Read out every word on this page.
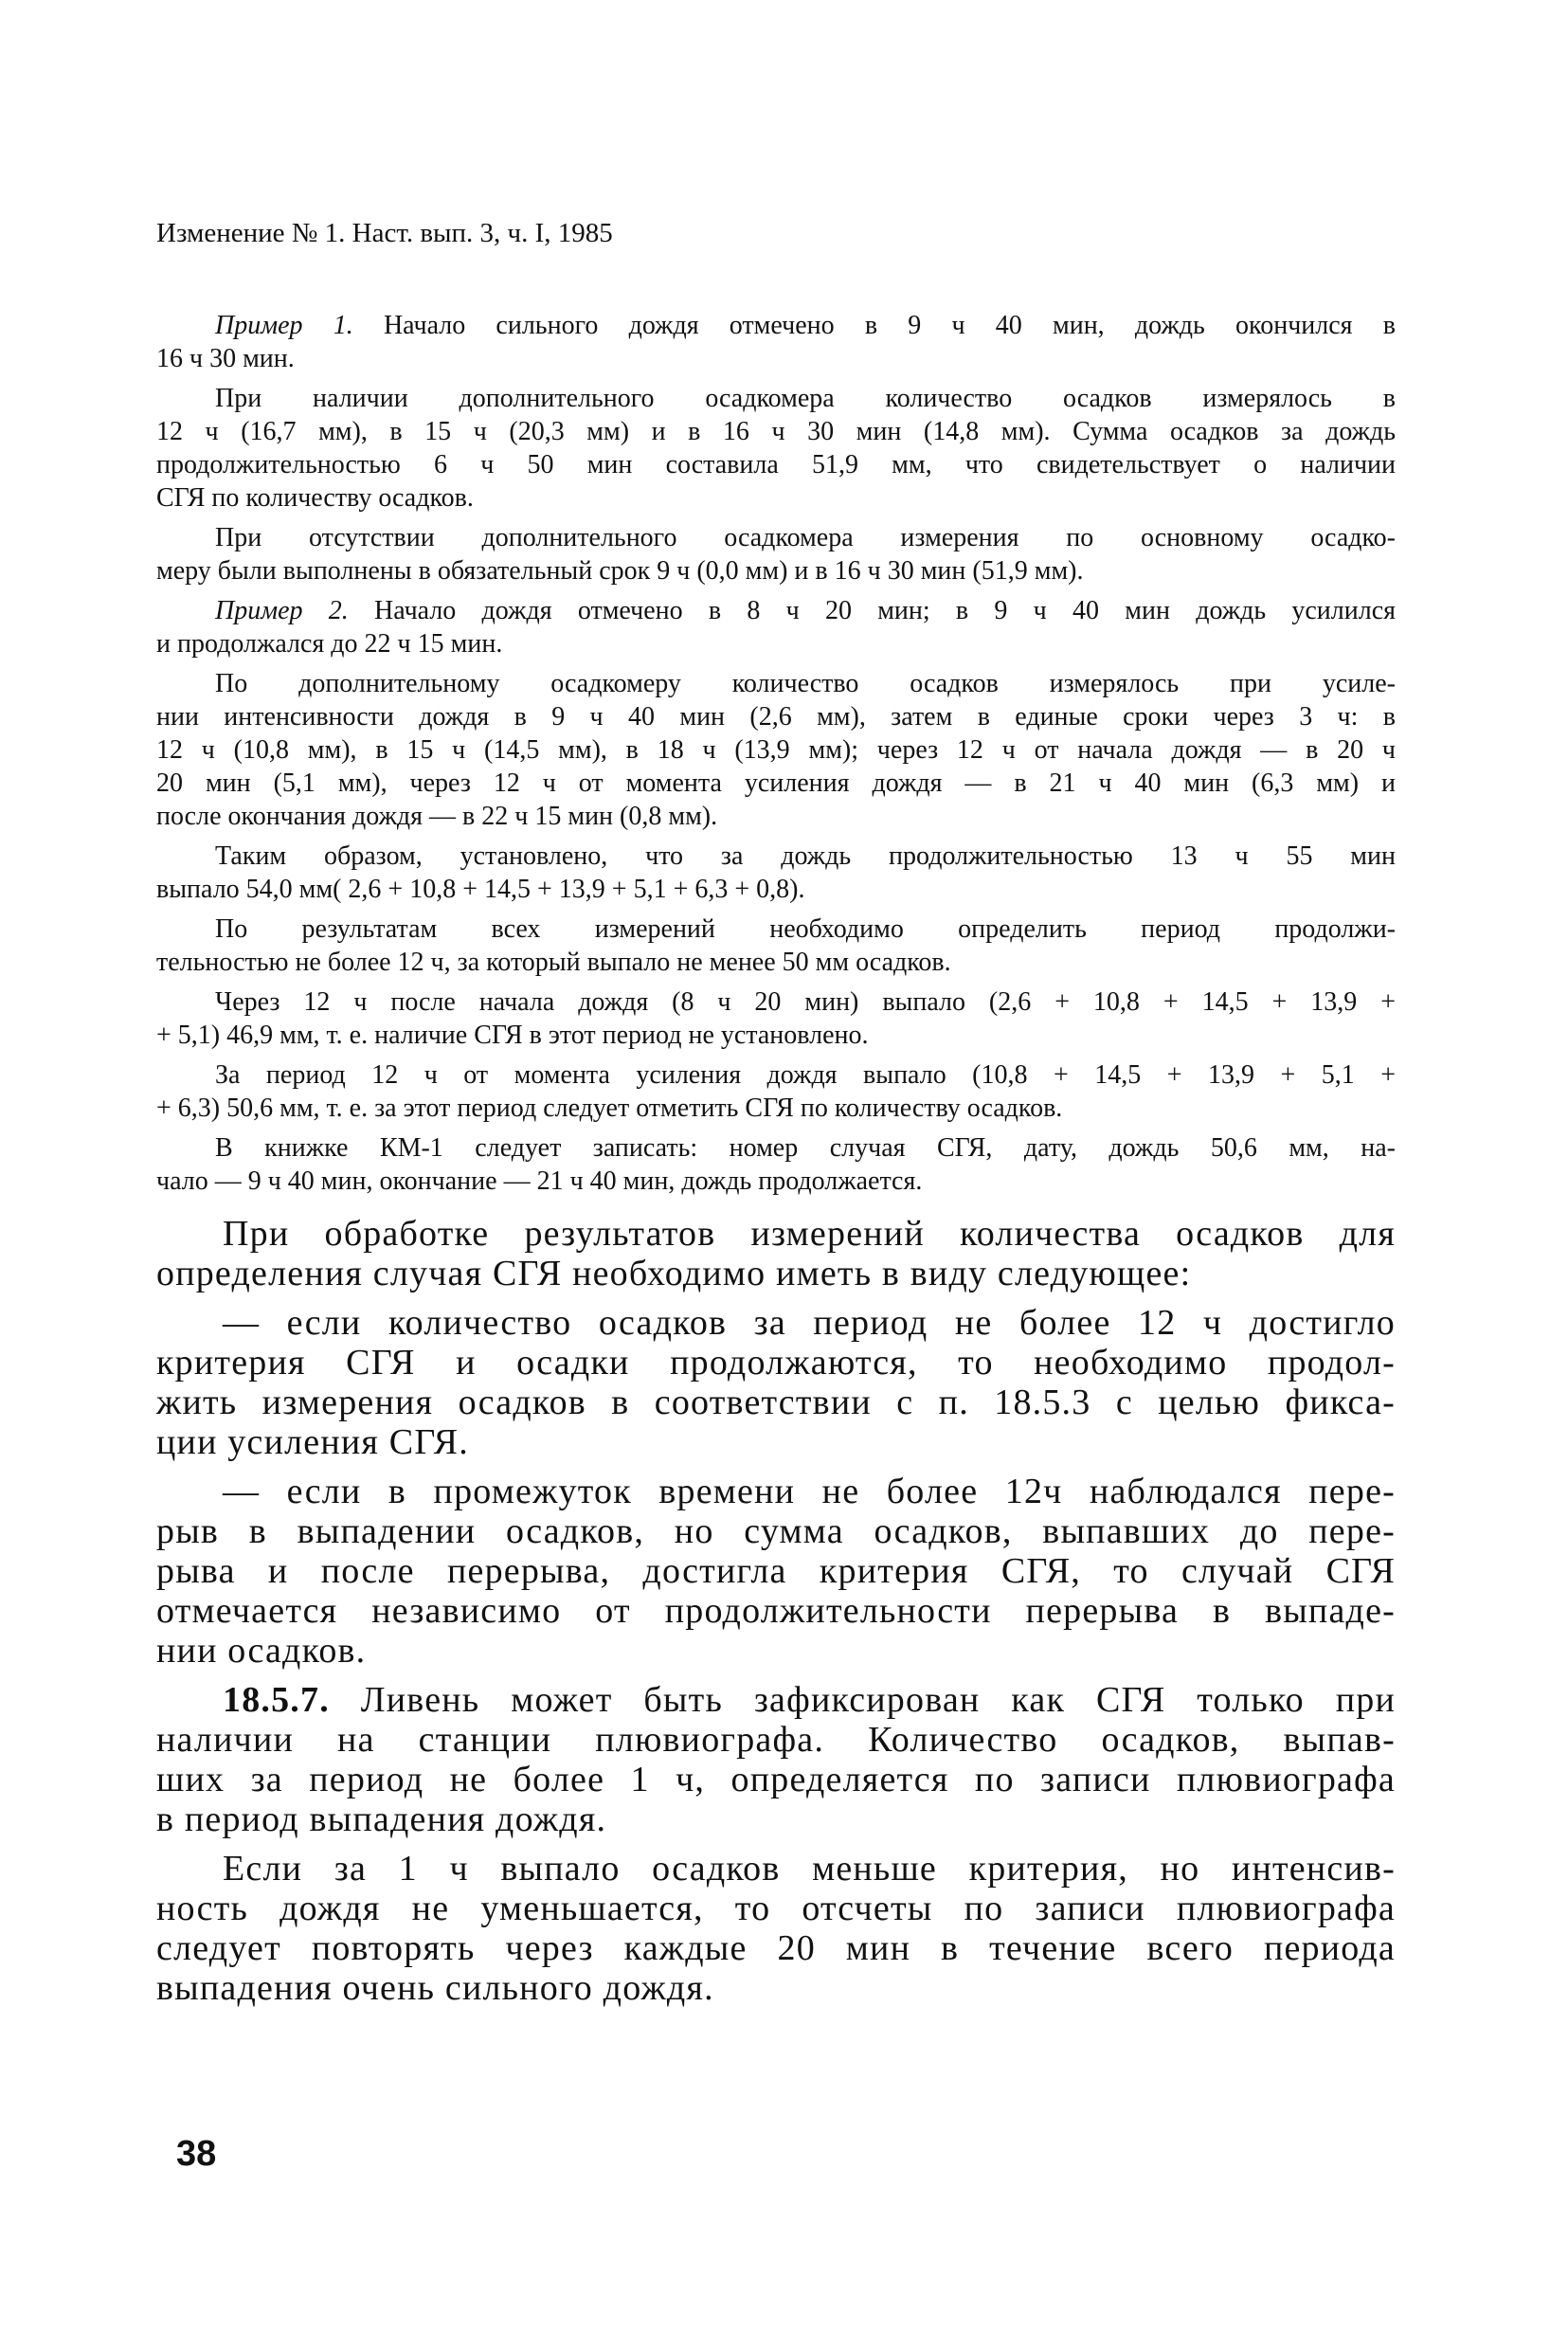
Изменение № 1. Наст. вып. 3, ч. I, 1985
Пример 1. Начало сильного дождя отмечено в 9 ч 40 мин, дождь окончился в
16 ч 30 мин.
При наличии дополнительного осадкомера количество осадков измерялось в
12 ч (16,7 мм), в 15 ч (20,3 мм) и в 16 ч 30 мин (14,8 мм). Сумма осадков за дождь
продолжительностью 6 ч 50 мин составила 51,9 мм, что свидетельствует о наличии
СГЯ по количеству осадков.
При отсутствии дополнительного осадкомера измерения по основному осадко-
меру были выполнены в обязательный срок 9 ч (0,0 мм) и в 16 ч 30 мин (51,9 мм).
Пример 2. Начало дождя отмечено в 8 ч 20 мин; в 9 ч 40 мин дождь усилился
и продолжался до 22 ч 15 мин.
По дополнительному осадкомеру количество осадков измерялось при усиле-
нии интенсивности дождя в 9 ч 40 мин (2,6 мм), затем в единые сроки через 3 ч: в
12 ч (10,8 мм), в 15 ч (14,5 мм), в 18 ч (13,9 мм); через 12 ч от начала дождя — в 20 ч
20 мин (5,1 мм), через 12 ч от момента усиления дождя — в 21 ч 40 мин (6,3 мм) и
после окончания дождя — в 22 ч 15 мин (0,8 мм).
Таким образом, установлено, что за дождь продолжительностью 13 ч 55 мин
выпало 54,0 мм( 2,6 + 10,8 + 14,5 + 13,9 + 5,1 + 6,3 + 0,8).
По результатам всех измерений необходимо определить период продолжи-
тельностью не более 12 ч, за который выпало не менее 50 мм осадков.
Через 12 ч после начала дождя (8 ч 20 мин) выпало (2,6 + 10,8 + 14,5 + 13,9 +
+ 5,1) 46,9 мм, т. е. наличие СГЯ в этот период не установлено.
За период 12 ч от момента усиления дождя выпало (10,8 + 14,5 + 13,9 + 5,1 +
+ 6,3) 50,6 мм, т. е. за этот период следует отметить СГЯ по количеству осадков.
В книжке КМ-1 следует записать: номер случая СГЯ, дату, дождь 50,6 мм, на-
чало — 9 ч 40 мин, окончание — 21 ч 40 мин, дождь продолжается.
При обработке результатов измерений количества осадков для
определения случая СГЯ необходимо иметь в виду следующее:
— если количество осадков за период не более 12 ч достигло
критерия СГЯ и осадки продолжаются, то необходимо продол-
жить измерения осадков в соответствии с п. 18.5.3 с целью фикса-
ции усиления СГЯ.
— если в промежуток времени не более 12ч наблюдался пере-
рыв в выпадении осадков, но сумма осадков, выпавших до пере-
рыва и после перерыва, достигла критерия СГЯ, то случай СГЯ
отмечается независимо от продолжительности перерыва в выпаде-
нии осадков.
18.5.7. Ливень может быть зафиксирован как СГЯ только при
наличии на станции плювиографа. Количество осадков, выпав-
ших за период не более 1 ч, определяется по записи плювиографа
в период выпадения дождя.
Если за 1 ч выпало осадков меньше критерия, но интенсив-
ность дождя не уменьшается, то отсчеты по записи плювиографа
следует повторять через каждые 20 мин в течение всего периода
выпадения очень сильного дождя.
38
